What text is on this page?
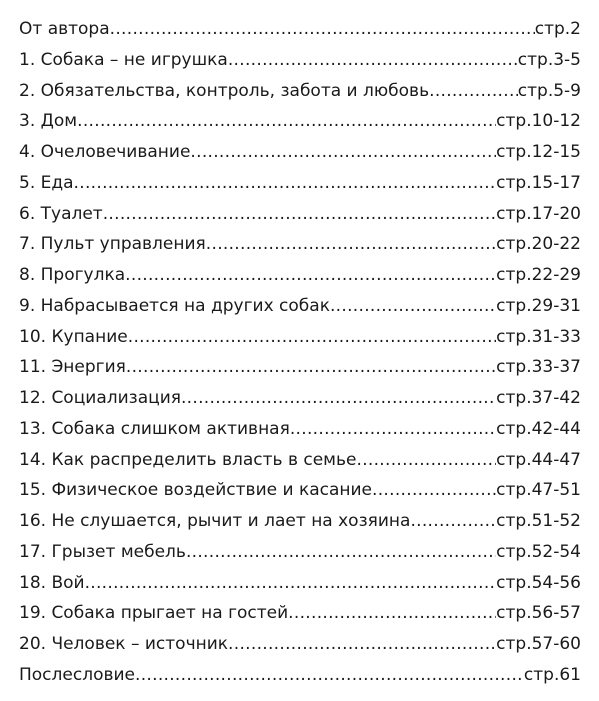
От автора .....	стр.2
1. Собака – не игрушка .....	стр.3-5
2. Обязательства, контроль, забота и любовь .....	стр.5-9
3. Дом .....	стр.10-12
4. Очеловечивание .....	стр.12-15
5. Еда .....	стр.15-17
6. Туалет .....	стр.17-20
7. Пульт управления .....	стр.20-22
8. Прогулка .....	стр.22-29
9. Набрасывается на других собак .....	стр.29-31
10. Купание .....	стр.31-33
11. Энергия .....	стр.33-37
12. Социализация .....	стр.37-42
13. Собака слишком активная .....	стр.42-44
14. Как распределить власть в семье .....	стр.44-47
15. Физическое воздействие и касание .....	стр.47-51
16. Не слушается, рычит и лает на хозяина .....	стр.51-52
17. Грызет мебель .....	стр.52-54
18. Вой .....	стр.54-56
19. Собака прыгает на гостей .....	стр.56-57
20. Человек – источник .....	стр.57-60
Послесловие .....	стр.61
